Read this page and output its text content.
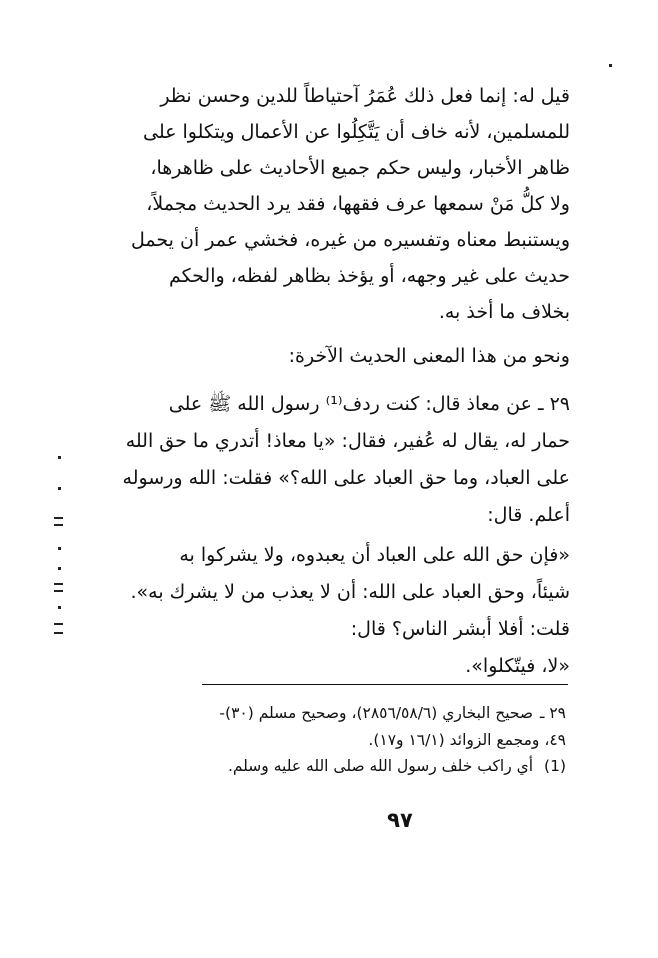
قيل له: إنما فعل ذلك عُمَرُ آحتياطاً للدين وحسن نظر
للمسلمين، لأنه خاف أن يَتَّكِلُوا عن الأعمال ويتكلوا على
ظاهر الأخبار، وليس حكم جميع الأحاديث على ظاهرها،
ولا كلُّ مَنْ سمعها عرف فقهها، فقد يرد الحديث مجملاً،
ويستنبط معناه وتفسيره من غيره، فخشي عمر أن يحمل
حديث على غير وجهه، أو يؤخذ بظاهر لفظه، والحكم
بخلاف ما أخذ به.
ونحو من هذا المعنى الحديث الآخرة:
٢٩ ـ عن معاذ قال: كنت ردف⁽¹⁾ رسول الله ﷺ على
حمار له، يقال له عُفير، فقال: «يا معاذ! أتدري ما حق الله
على العباد، وما حق العباد على الله؟» فقلت: الله ورسوله
أعلم. قال:
«فإن حق الله على العباد أن يعبدوه، ولا يشركوا به
شيئاً، وحق العباد على الله: أن لا يعذب من لا يشرك به».
قلت: أفلا أبشر الناس؟ قال:
«لا، فيتّكلوا».
٢٩ ـ صحيح البخاري (٢٨٥٦/٥٨/٦)، وصحيح مسلم (٣٠)-
٤٩، ومجمع الزوائد (١٦/١ و١٧).
(1) أي راكب خلف رسول الله صلى الله عليه وسلم.
٩٧
